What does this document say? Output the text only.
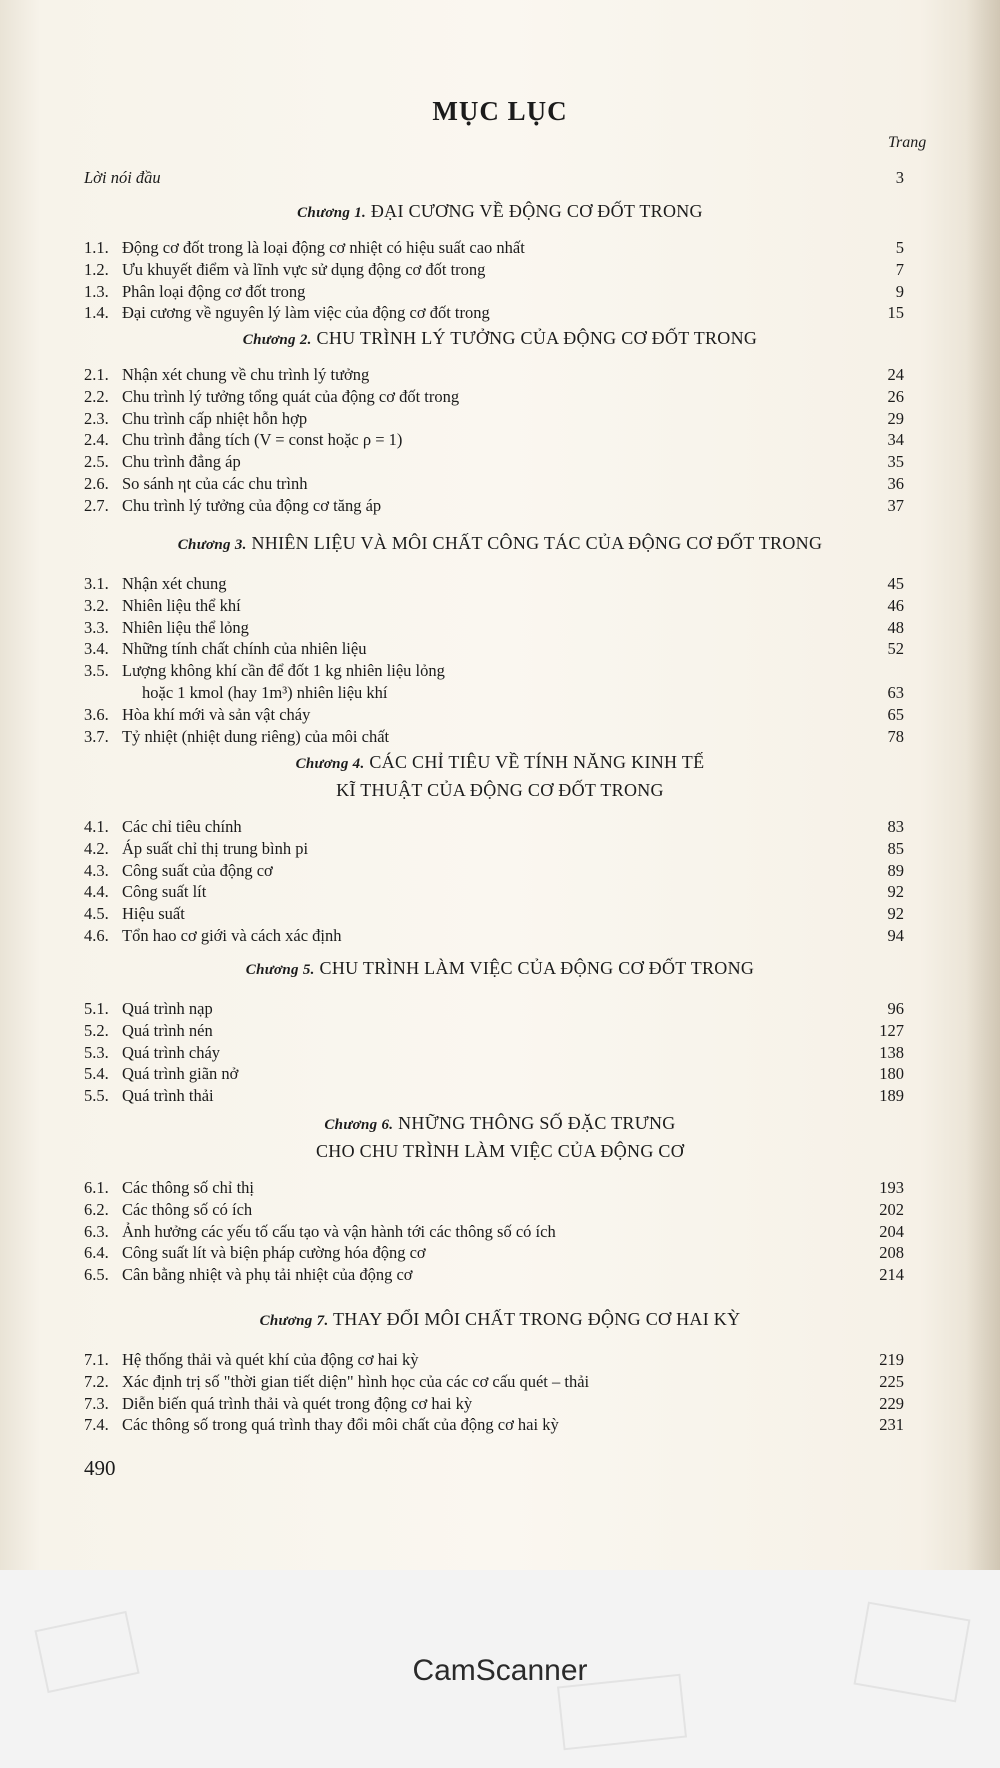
MỤC LỤC
Trang
Lời nói đầu	3
Chương 1. ĐẠI CƯƠNG VỀ ĐỘNG CƠ ĐỐT TRONG
1.1. Động cơ đốt trong là loại động cơ nhiệt có hiệu suất cao nhất	5
1.2. Ưu khuyết điểm và lĩnh vực sử dụng động cơ đốt trong	7
1.3. Phân loại động cơ đốt trong	9
1.4. Đại cương về nguyên lý làm việc của động cơ đốt trong	15
Chương 2. CHU TRÌNH LÝ TƯỞNG CỦA ĐỘNG CƠ ĐỐT TRONG
2.1. Nhận xét chung về chu trình lý tưởng	24
2.2. Chu trình lý tưởng tổng quát của động cơ đốt trong	26
2.3. Chu trình cấp nhiệt hỗn hợp	29
2.4. Chu trình đẳng tích (V = const hoặc ρ = 1)	34
2.5. Chu trình đẳng áp	35
2.6. So sánh ηt của các chu trình	36
2.7. Chu trình lý tưởng của động cơ tăng áp	37
Chương 3. NHIÊN LIỆU VÀ MÔI CHẤT CÔNG TÁC CỦA ĐỘNG CƠ ĐỐT TRONG
3.1. Nhận xét chung	45
3.2. Nhiên liệu thể khí	46
3.3. Nhiên liệu thể lỏng	48
3.4. Những tính chất chính của nhiên liệu	52
3.5. Lượng không khí cần để đốt 1 kg nhiên liệu lỏng
hoặc 1 kmol (hay 1m³) nhiên liệu khí	63
3.6. Hòa khí mới và sản vật cháy	65
3.7. Tỷ nhiệt (nhiệt dung riêng) của môi chất	78
Chương 4. CÁC CHỈ TIÊU VỀ TÍNH NĂNG KINH TẾ
KĨ THUẬT CỦA ĐỘNG CƠ ĐỐT TRONG
4.1. Các chỉ tiêu chính	83
4.2. Áp suất chỉ thị trung bình pi	85
4.3. Công suất của động cơ	89
4.4. Công suất lít	92
4.5. Hiệu suất	92
4.6. Tổn hao cơ giới và cách xác định	94
Chương 5. CHU TRÌNH LÀM VIỆC CỦA ĐỘNG CƠ ĐỐT TRONG
5.1. Quá trình nạp	96
5.2. Quá trình nén	127
5.3. Quá trình cháy	138
5.4. Quá trình giãn nở	180
5.5. Quá trình thải	189
Chương 6. NHỮNG THÔNG SỐ ĐẶC TRƯNG
CHO CHU TRÌNH LÀM VIỆC CỦA ĐỘNG CƠ
6.1. Các thông số chỉ thị	193
6.2. Các thông số có ích	202
6.3. Ảnh hưởng các yếu tố cấu tạo và vận hành tới các thông số có ích	204
6.4. Công suất lít và biện pháp cường hóa động cơ	208
6.5. Cân bằng nhiệt và phụ tải nhiệt của động cơ	214
Chương 7. THAY ĐỔI MÔI CHẤT TRONG ĐỘNG CƠ HAI KỲ
7.1. Hệ thống thải và quét khí của động cơ hai kỳ	219
7.2. Xác định trị số "thời gian tiết diện" hình học của các cơ cấu quét – thải	225
7.3. Diễn biến quá trình thải và quét trong động cơ hai kỳ	229
7.4. Các thông số trong quá trình thay đổi môi chất của động cơ hai kỳ	231
490
CamScanner
